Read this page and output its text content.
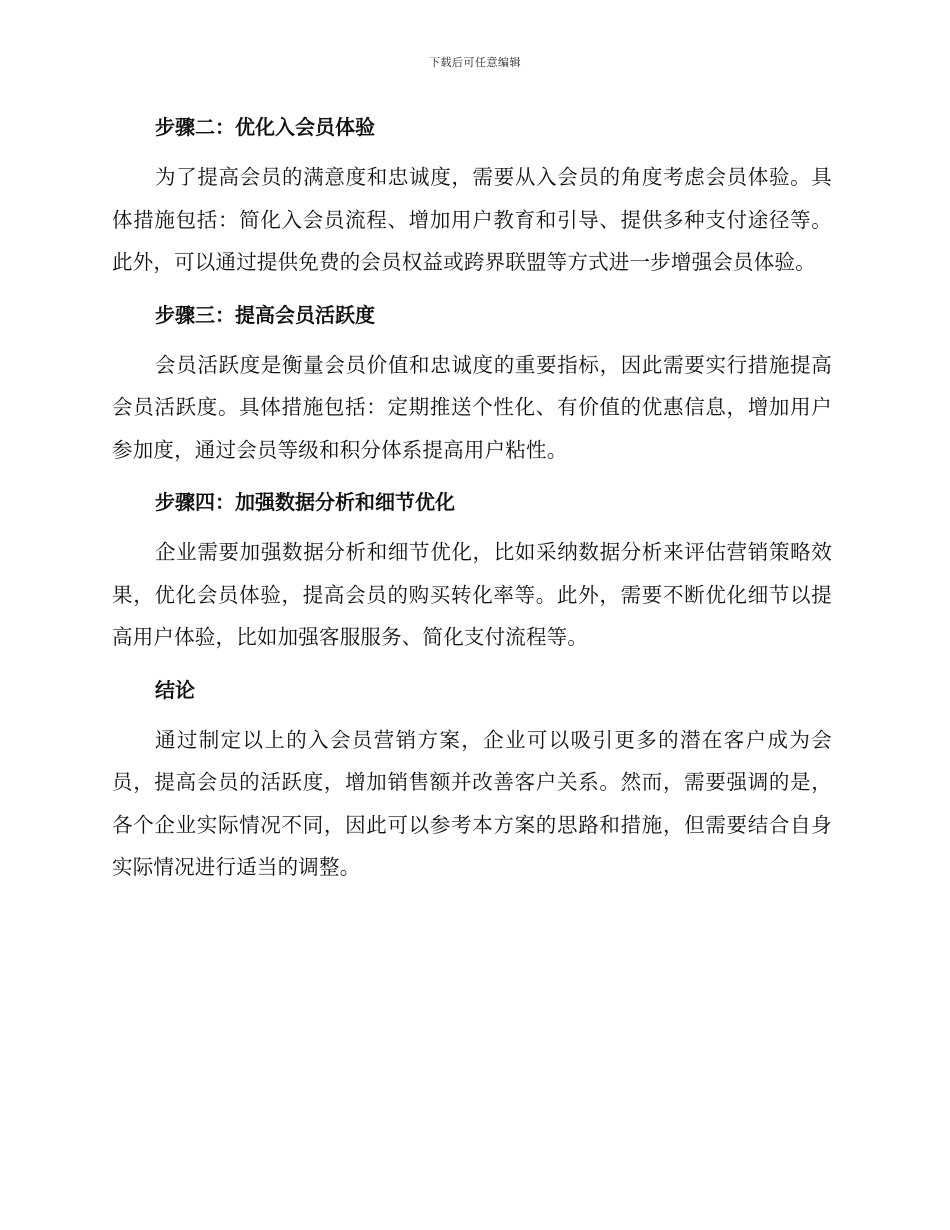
下载后可任意编辑
步骤二：优化入会员体验
为了提高会员的满意度和忠诚度，需要从入会员的角度考虑会员体验。具体措施包括：简化入会员流程、增加用户教育和引导、提供多种支付途径等。此外，可以通过提供免费的会员权益或跨界联盟等方式进一步增强会员体验。
步骤三：提高会员活跃度
会员活跃度是衡量会员价值和忠诚度的重要指标，因此需要实行措施提高会员活跃度。具体措施包括：定期推送个性化、有价值的优惠信息，增加用户参加度，通过会员等级和积分体系提高用户粘性。
步骤四：加强数据分析和细节优化
企业需要加强数据分析和细节优化，比如采纳数据分析来评估营销策略效果，优化会员体验，提高会员的购买转化率等。此外，需要不断优化细节以提高用户体验，比如加强客服服务、简化支付流程等。
结论
通过制定以上的入会员营销方案，企业可以吸引更多的潜在客户成为会员，提高会员的活跃度，增加销售额并改善客户关系。然而，需要强调的是，各个企业实际情况不同，因此可以参考本方案的思路和措施，但需要结合自身实际情况进行适当的调整。
